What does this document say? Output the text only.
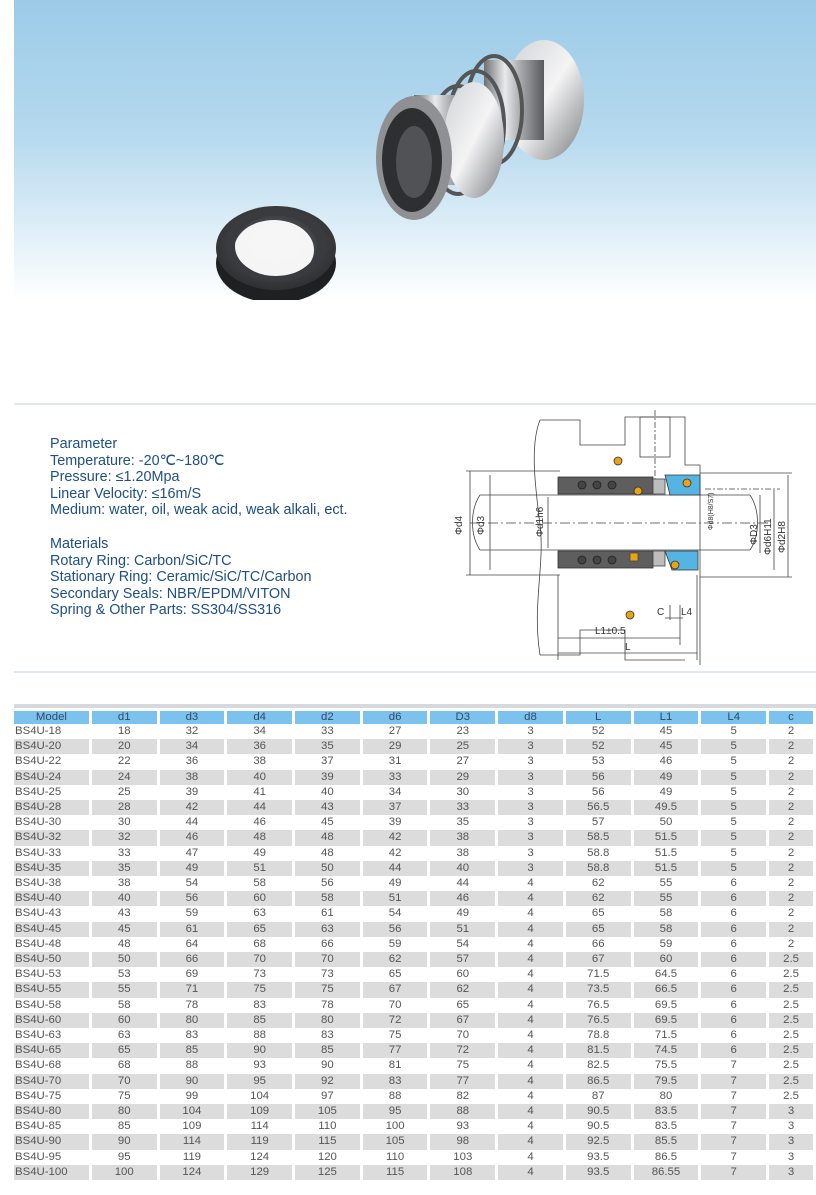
Parameter
Temperature: -20℃~180℃
Pressure: ≤1.20Mpa
Linear Velocity: ≤16m/S
Medium: water, oil, weak acid, weak alkali, ect.
Materials
Rotary Ring: Carbon/SiC/TC
Stationary Ring: Ceramic/SiC/TC/Carbon
Secondary Seals: NBR/EPDM/VITON
Spring & Other Parts: SS304/SS316
Φd4 Φd3	Φd1h6	Φd8(H8/S7)
ΦD3 Φd6H11 Φd2H8
C L4
L1±0.5
L
Model	d1	d3	d4	d2	d6	D3	d8	L	L1	L4	c
BS4U-18	18	32	34	33	27	23	3	52	45	5	2
BS4U-20	20	34	36	35	29	25	3	52	45	5	2
BS4U-22	22	36	38	37	31	27	3	53	46	5	2
BS4U-24	24	38	40	39	33	29	3	56	49	5	2
BS4U-25	25	39	41	40	34	30	3	56	49	5	2
BS4U-28	28	42	44	43	37	33	3	56.5	49.5	5	2
BS4U-30	30	44	46	45	39	35	3	57	50	5	2
BS4U-32	32	46	48	48	42	38	3	58.5	51.5	5	2
BS4U-33	33	47	49	48	42	38	3	58.8	51.5	5	2
BS4U-35	35	49	51	50	44	40	3	58.8	51.5	5	2
BS4U-38	38	54	58	56	49	44	4	62	55	6	2
BS4U-40	40	56	60	58	51	46	4	62	55	6	2
BS4U-43	43	59	63	61	54	49	4	65	58	6	2
BS4U-45	45	61	65	63	56	51	4	65	58	6	2
BS4U-48	48	64	68	66	59	54	4	66	59	6	2
BS4U-50	50	66	70	70	62	57	4	67	60	6	2.5
BS4U-53	53	69	73	73	65	60	4	71.5	64.5	6	2.5
BS4U-55	55	71	75	75	67	62	4	73.5	66.5	6	2.5
BS4U-58	58	78	83	78	70	65	4	76.5	69.5	6	2.5
BS4U-60	60	80	85	80	72	67	4	76.5	69.5	6	2.5
BS4U-63	63	83	88	83	75	70	4	78.8	71.5	6	2.5
BS4U-65	65	85	90	85	77	72	4	81.5	74.5	6	2.5
BS4U-68	68	88	93	90	81	75	4	82.5	75.5	7	2.5
BS4U-70	70	90	95	92	83	77	4	86.5	79.5	7	2.5
BS4U-75	75	99	104	97	88	82	4	87	80	7	2.5
BS4U-80	80	104	109	105	95	88	4	90.5	83.5	7	3
BS4U-85	85	109	114	110	100	93	4	90.5	83.5	7	3
BS4U-90	90	114	119	115	105	98	4	92.5	85.5	7	3
BS4U-95	95	119	124	120	110	103	4	93.5	86.5	7	3
BS4U-100	100	124	129	125	115	108	4	93.5	86.55	7	3
